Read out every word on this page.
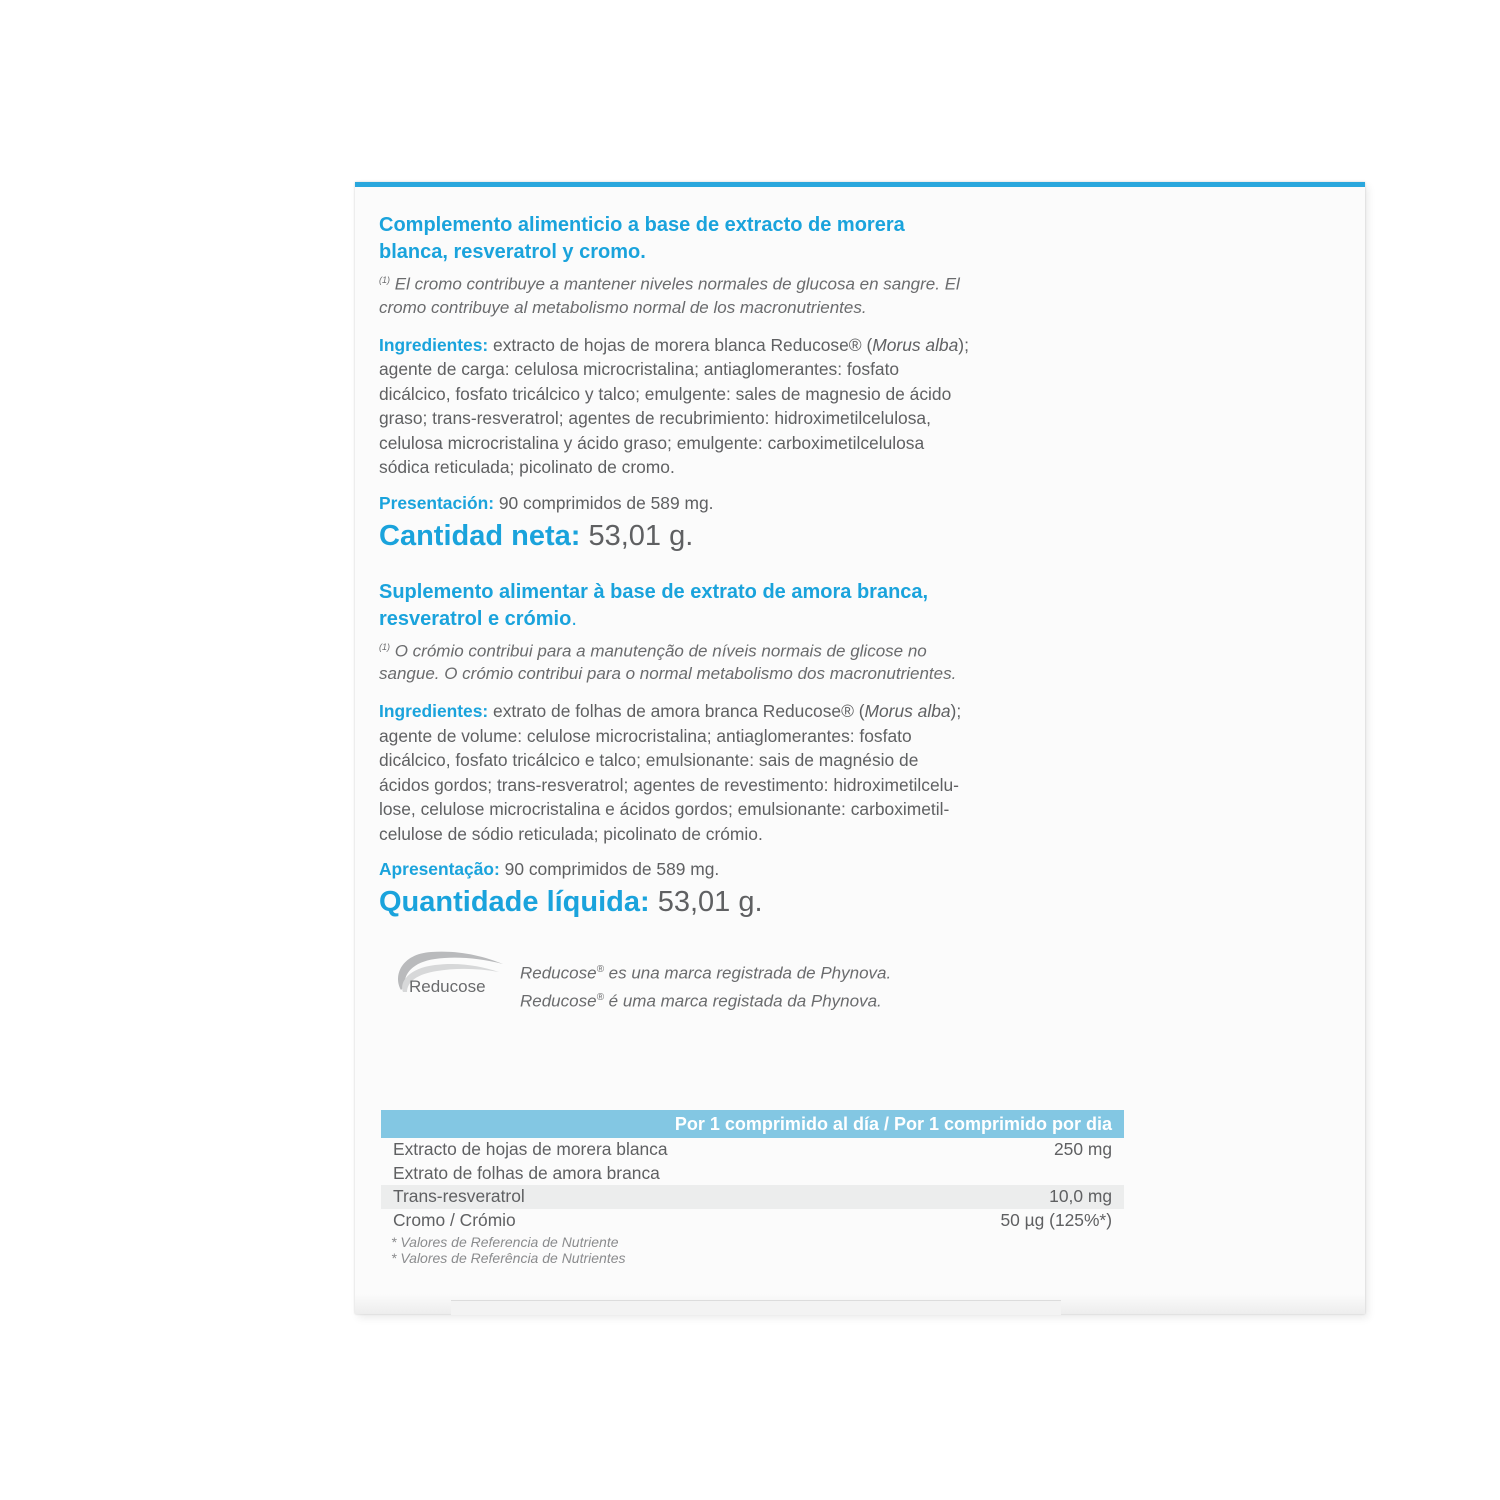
Complemento alimenticio a base de extracto de morera
blanca, resveratrol y cromo.

$^{(1)}$ El cromo contribuye a mantener niveles normales de glucosa en sangre. El
cromo contribuye al metabolismo normal de los macronutrientes.

Ingredientes: extracto de hojas de morera blanca Reducose® (Morus alba);
agente de carga: celulosa microcristalina; antiaglomerantes: fosfato
dicálcico, fosfato tricálcico y talco; emulgente: sales de magnesio de ácido
graso; trans-resveratrol; agentes de recubrimiento: hidroximetilcelulosa,
celulosa microcristalina y ácido graso; emulgente: carboximetilcelulosa
sódica reticulada; picolinato de cromo.

Presentación: 90 comprimidos de 589 mg.

Cantidad neta: 53,01 g.

Suplemento alimentar à base de extrato de amora branca,
resveratrol e crómio.

$^{(1)}$ O crómio contribui para a manutenção de níveis normais de glicose no
sangue. O crómio contribui para o normal metabolismo dos macronutrientes.

Ingredientes: extrato de folhas de amora branca Reducose® (Morus alba);
agente de volume: celulose microcristalina; antiaglomerantes: fosfato
dicálcico, fosfato tricálcico e talco; emulsionante: sais de magnésio de
ácidos gordos; trans-resveratrol; agentes de revestimento: hidroximetilcelu-
lose, celulose microcristalina e ácidos gordos; emulsionante: carboximetil-
celulose de sódio reticulada; picolinato de crómio.

Apresentação: 90 comprimidos de 589 mg.

Quantidade líquida: 53,01 g.

Reducose
Reducose® es una marca registrada de Phynova.
Reducose® é uma marca registada da Phynova.
Por 1 comprimido al día / Por 1 comprimido por dia
Extracto de hojas de morera blanca	250 mg
Extrato de folhas de amora branca
Trans-resveratrol	10,0 mg
Cromo / Crómio	50 µg (125%*)
* Valores de Referencia de Nutriente
* Valores de Referência de Nutrientes
